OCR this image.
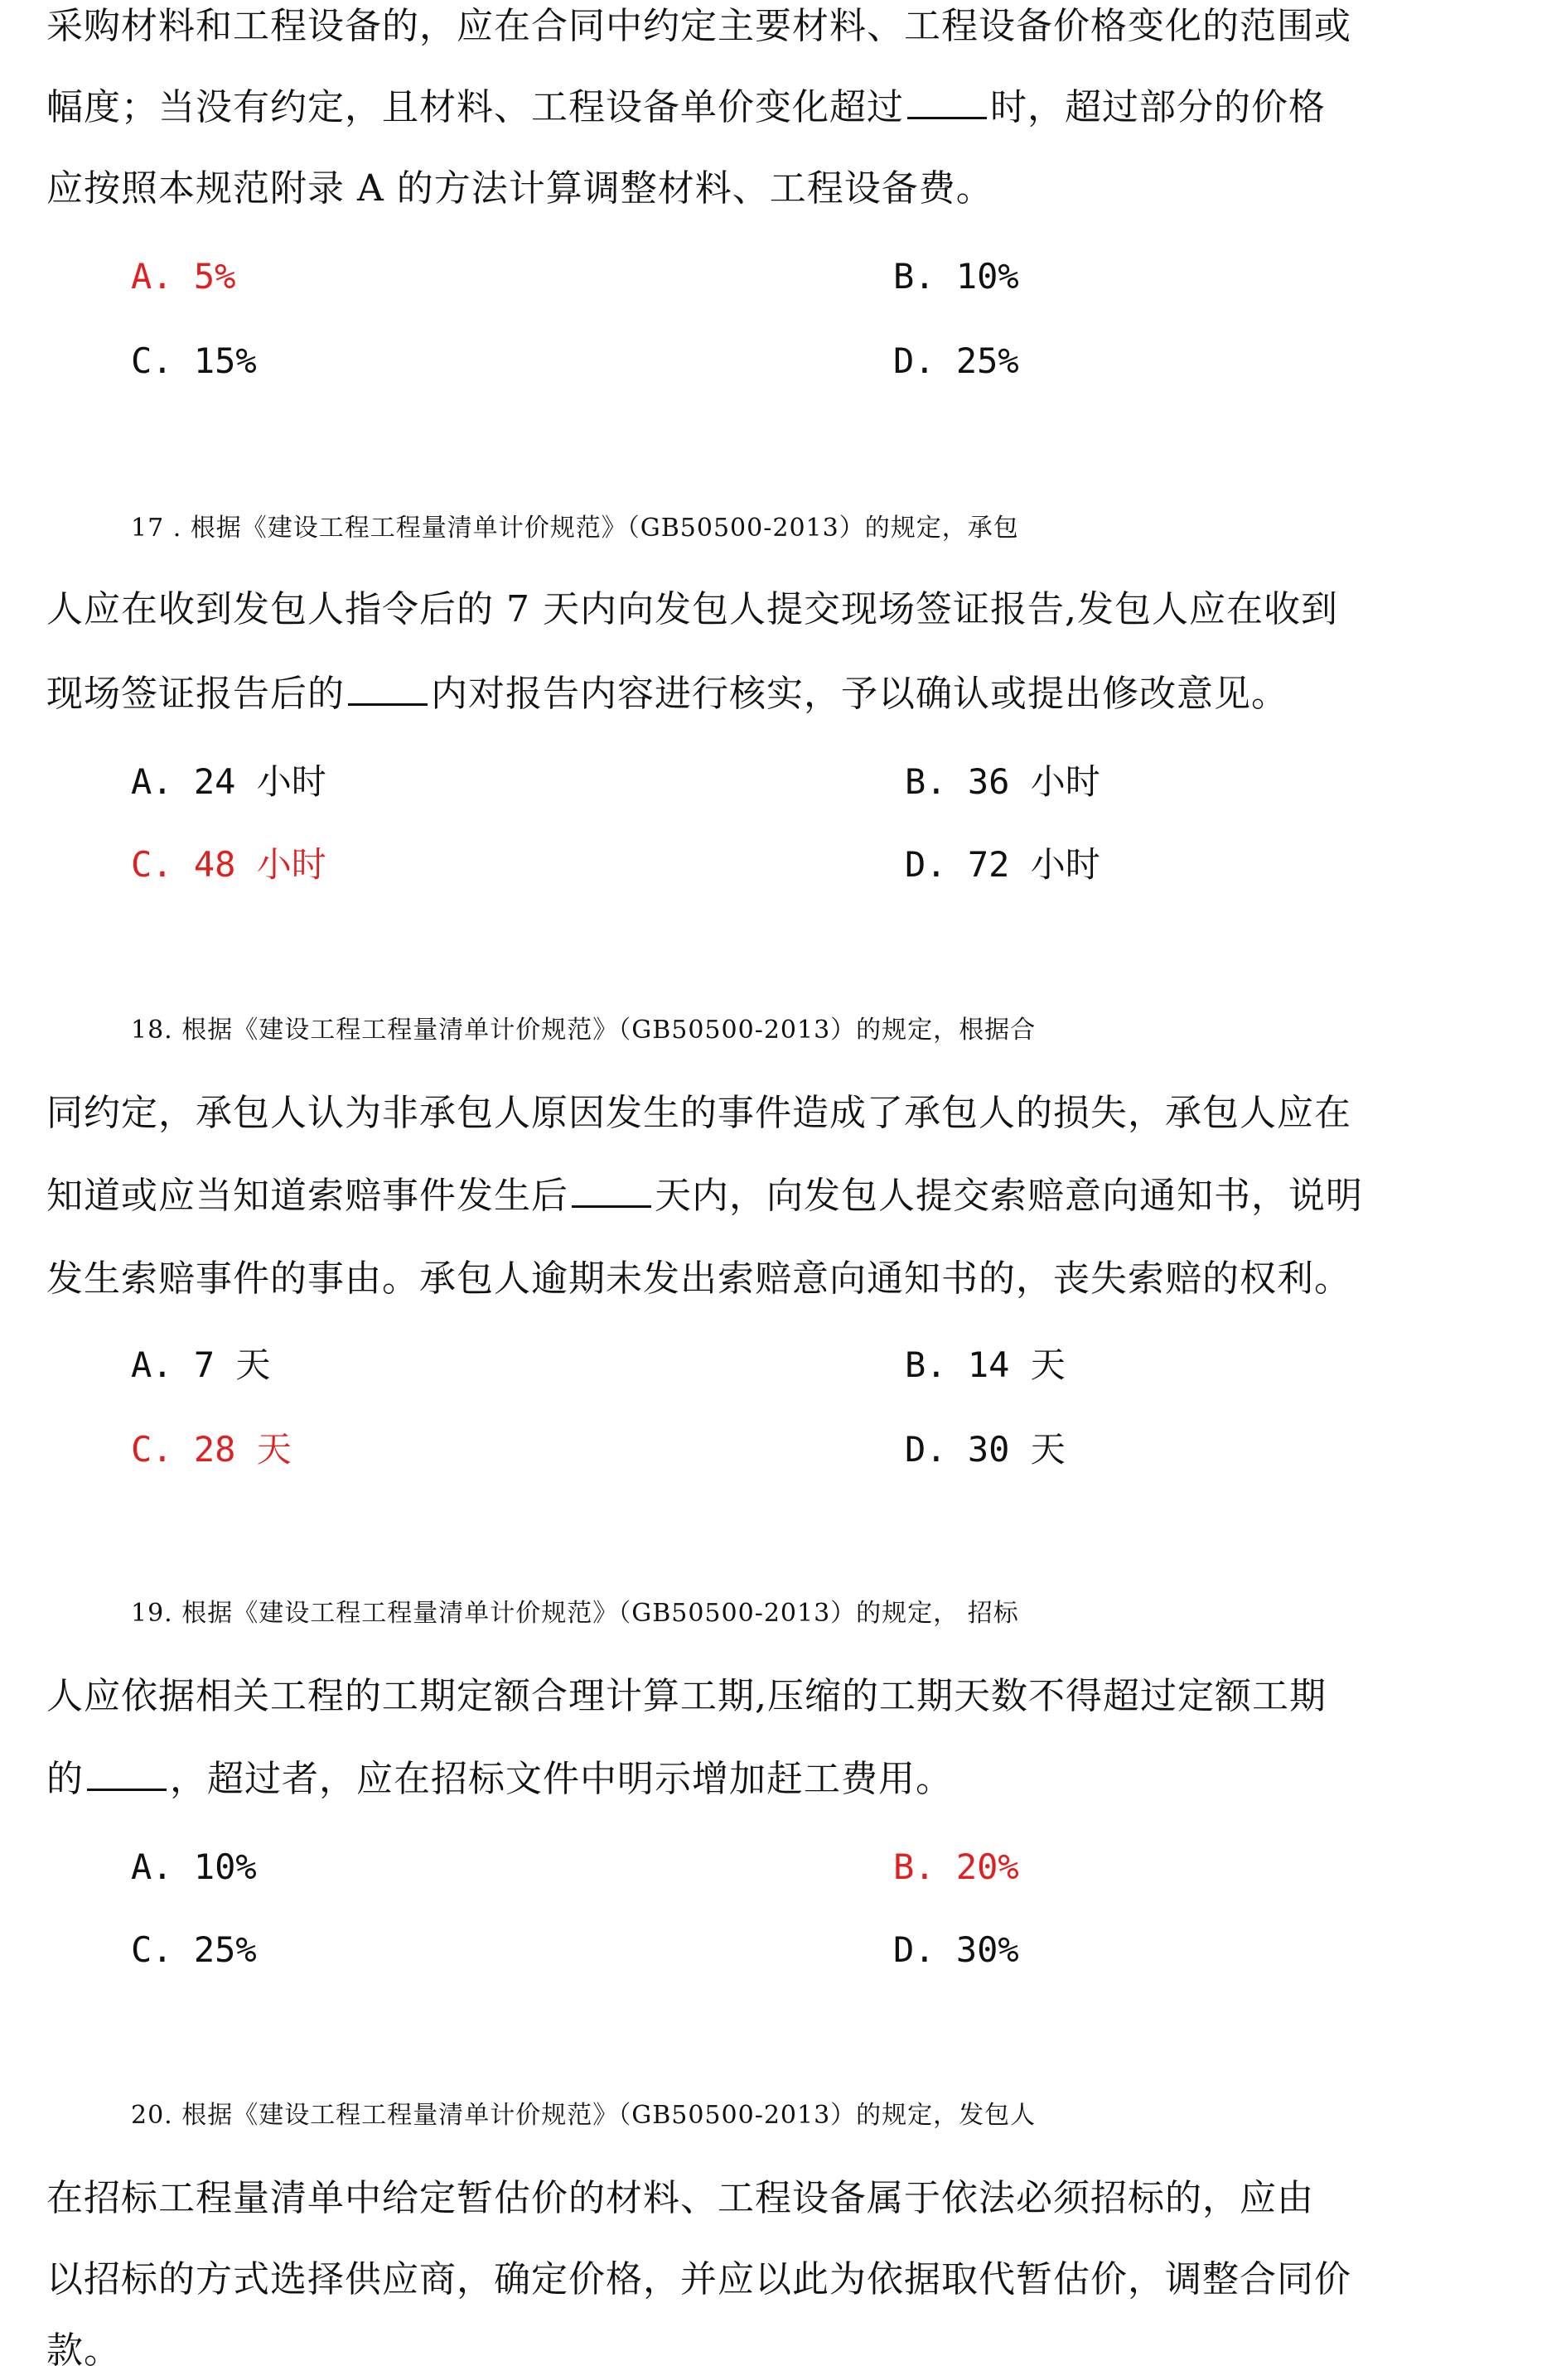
采购材料和工程设备的，应在合同中约定主要材料、工程设备价格变化的范围或
幅度；当没有约定，且材料、工程设备单价变化超过 时，超过部分的价格
应按照本规范附录 A 的方法计算调整材料、工程设备费。
A. 5%	B. 10%
C. 15%	D. 25%
17 . 根据《建设工程工程量清单计价规范》（GB50500-2013）的规定，承包
人应在收到发包人指令后的 7 天内向发包人提交现场签证报告,发包人应在收到
现场签证报告后的 内对报告内容进行核实，予以确认或提出修改意见。
A. 24 小时	B. 36 小时
C. 48 小时	D. 72 小时
18. 根据《建设工程工程量清单计价规范》（GB50500-2013）的规定，根据合
同约定，承包人认为非承包人原因发生的事件造成了承包人的损失，承包人应在
知道或应当知道索赔事件发生后 天内，向发包人提交索赔意向通知书，说明
发生索赔事件的事由。承包人逾期未发出索赔意向通知书的，丧失索赔的权利。
A. 7 天	B. 14 天
C. 28 天	D. 30 天
19. 根据《建设工程工程量清单计价规范》（GB50500-2013）的规定， 招标
人应依据相关工程的工期定额合理计算工期,压缩的工期天数不得超过定额工期
的 ，超过者，应在招标文件中明示增加赶工费用。
A. 10%	B. 20%
C. 25%	D. 30%
20. 根据《建设工程工程量清单计价规范》（GB50500-2013）的规定，发包人
在招标工程量清单中给定暂估价的材料、工程设备属于依法必须招标的，应由
以招标的方式选择供应商，确定价格，并应以此为依据取代暂估价，调整合同价
款。
